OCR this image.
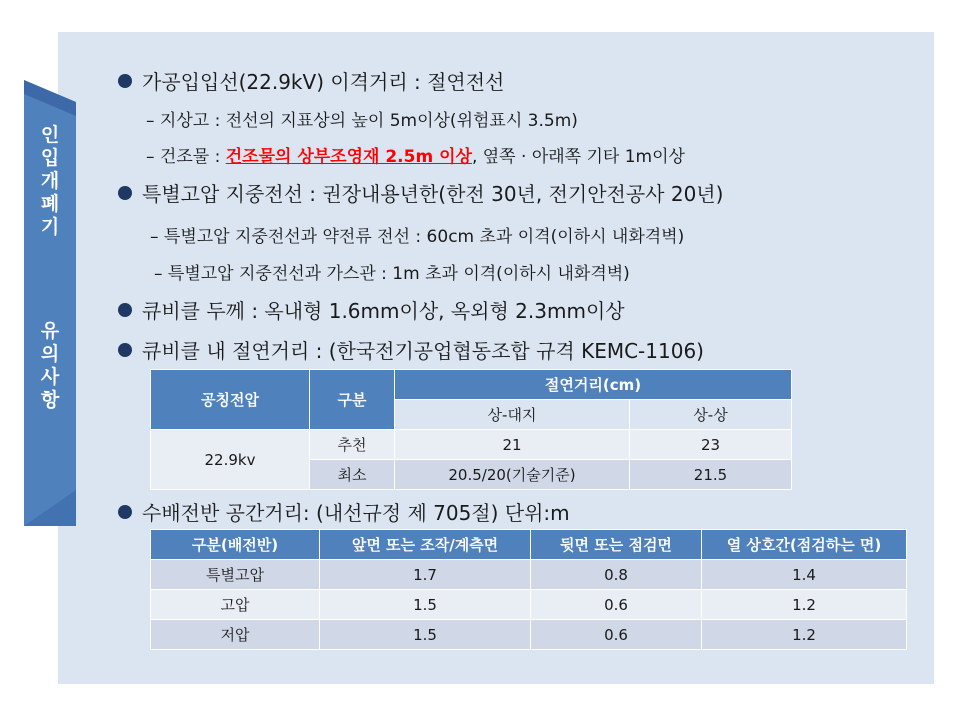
인
입
개
폐
기
유
의
사
항
가공입입선(22.9kV) 이격거리 : 절연전선
– 지상고 : 전선의 지표상의 높이 5m이상(위험표시 3.5m)
– 건조물 : 건조물의 상부조영재 2.5m 이상, 옆쪽 · 아래쪽 기타 1m이상
특별고압 지중전선 : 권장내용년한(한전 30년, 전기안전공사 20년)
– 특별고압 지중전선과 약전류 전선 : 60cm 초과 이격(이하시 내화격벽)
– 특별고압 지중전선과 가스관 : 1m 초과 이격(이하시 내화격벽)
큐비클 두께 : 옥내형 1.6mm이상, 옥외형 2.3mm이상
큐비클 내 절연거리 : (한국전기공업협동조합 규격 KEMC-1106)
공칭전압	구분	절연거리(cm)	
		상-대지	상-상
22.9kv	추천	21	23
	최소	20.5/20(기술기준)	21.5
수배전반 공간거리: (내선규정 제 705절) 단위:m
구분(배전반)	앞면 또는 조작/계측면	뒷면 또는 점검면	열 상호간(점검하는 면)
특별고압	1.7	0.8	1.4
고압	1.5	0.6	1.2
저압	1.5	0.6	1.2
